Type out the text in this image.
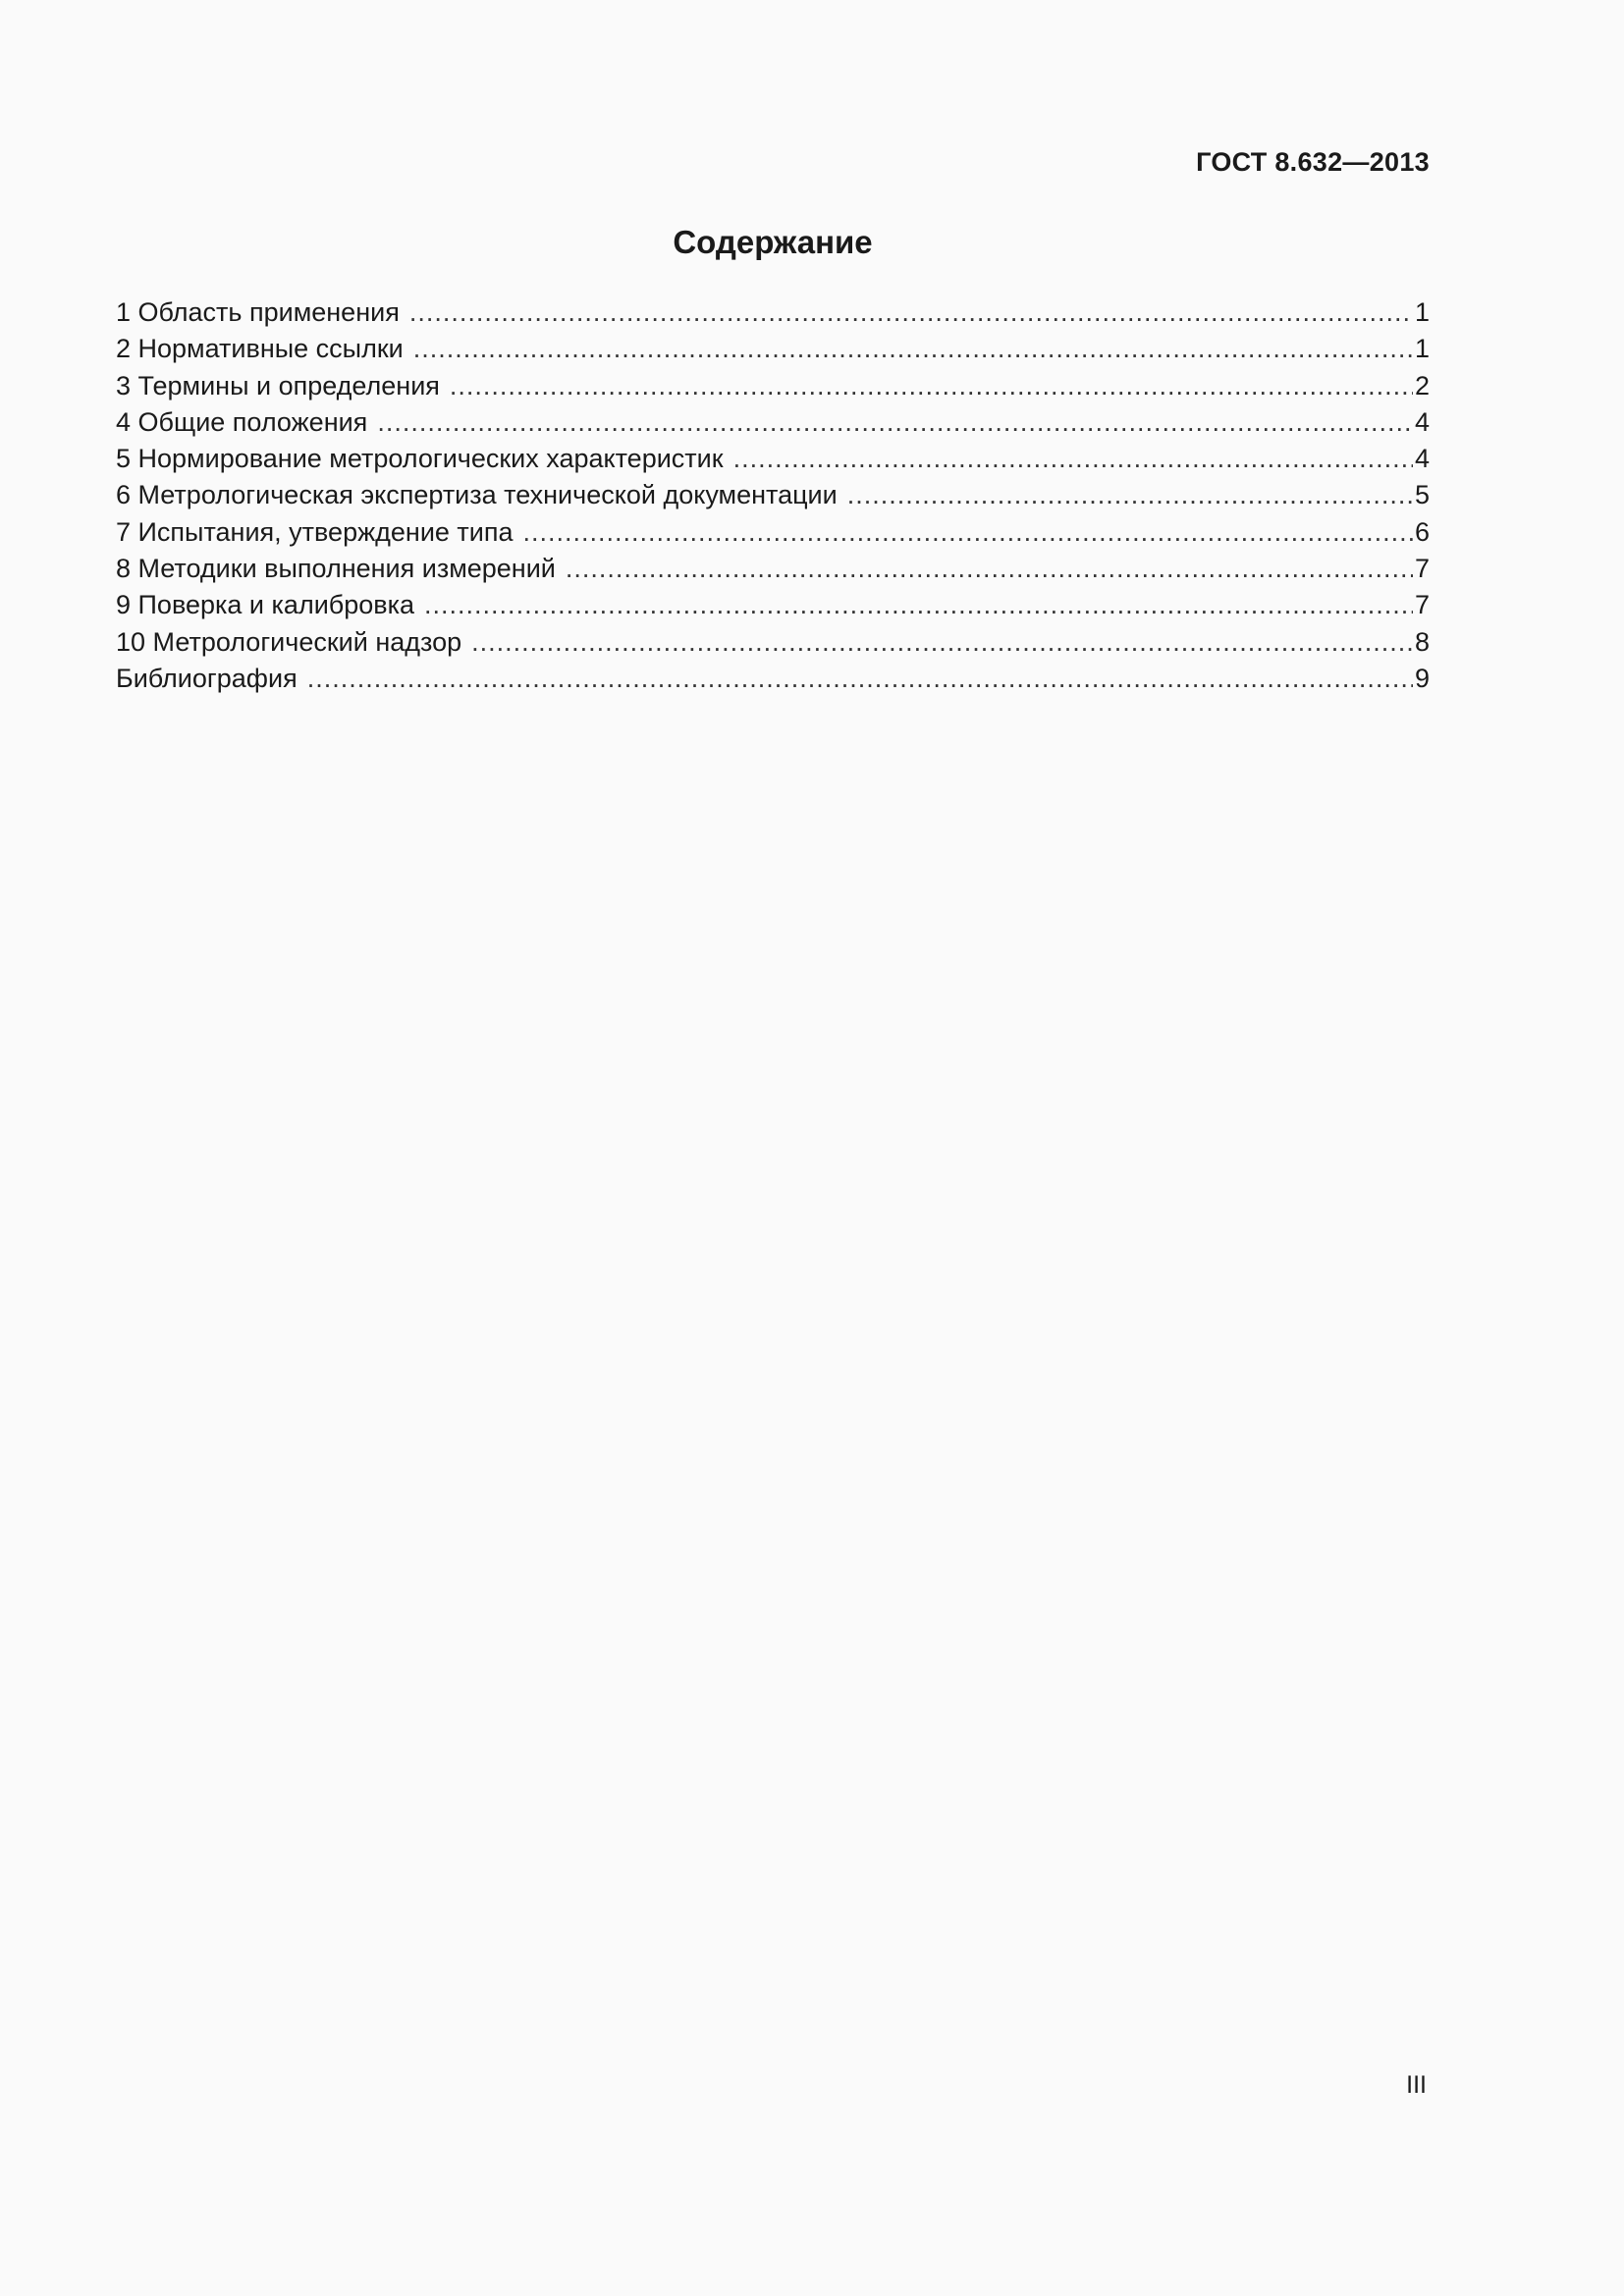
ГОСТ 8.632—2013
Содержание
1 Область применения .....	1
2 Нормативные ссылки .....	1
3 Термины и определения .....	2
4 Общие положения .....	4
5 Нормирование метрологических характеристик .....	4
6 Метрологическая экспертиза технической документации .....	5
7 Испытания, утверждение типа .....	6
8 Методики выполнения измерений .....	7
9 Поверка и калибровка .....	7
10 Метрологический надзор .....	8
Библиография .....	9
III
